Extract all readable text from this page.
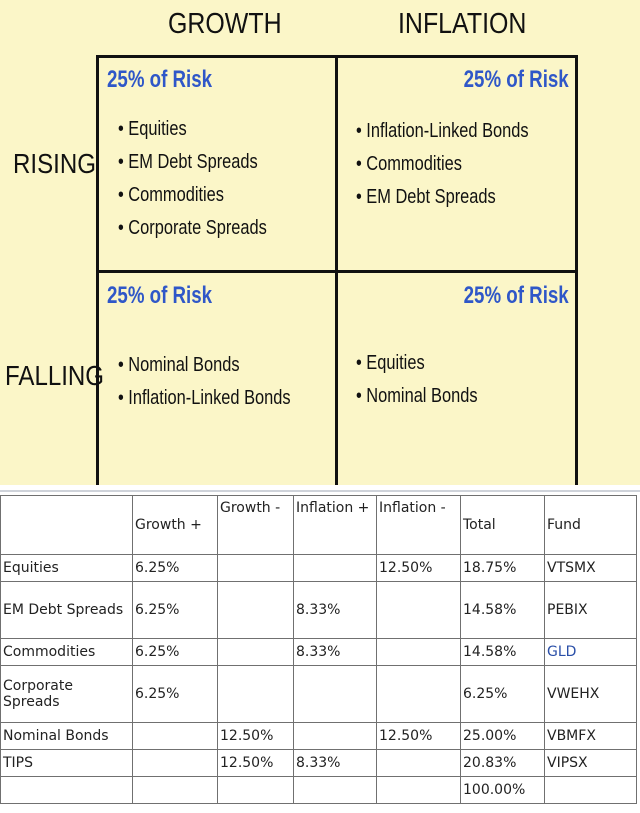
GROWTH	INFLATION
RISING
FALLING
25% of Risk
• Equities
• EM Debt Spreads
• Commodities
• Corporate Spreads
25% of Risk
• Inflation-Linked Bonds
• Commodities
• EM Debt Spreads
25% of Risk
• Nominal Bonds
• Inflation-Linked Bonds
25% of Risk
• Equities
• Nominal Bonds
	Growth +	Growth -	Inflation +	Inflation -	Total	Fund
Equities	6.25%			12.50%	18.75%	VTSMX
EM Debt Spreads	6.25%		8.33%		14.58%	PEBIX
Commodities	6.25%		8.33%		14.58%	GLD
Corporate Spreads	6.25%				6.25%	VWEHX
Nominal Bonds		12.50%		12.50%	25.00%	VBMFX
TIPS		12.50%	8.33%		20.83%	VIPSX
					100.00%	
